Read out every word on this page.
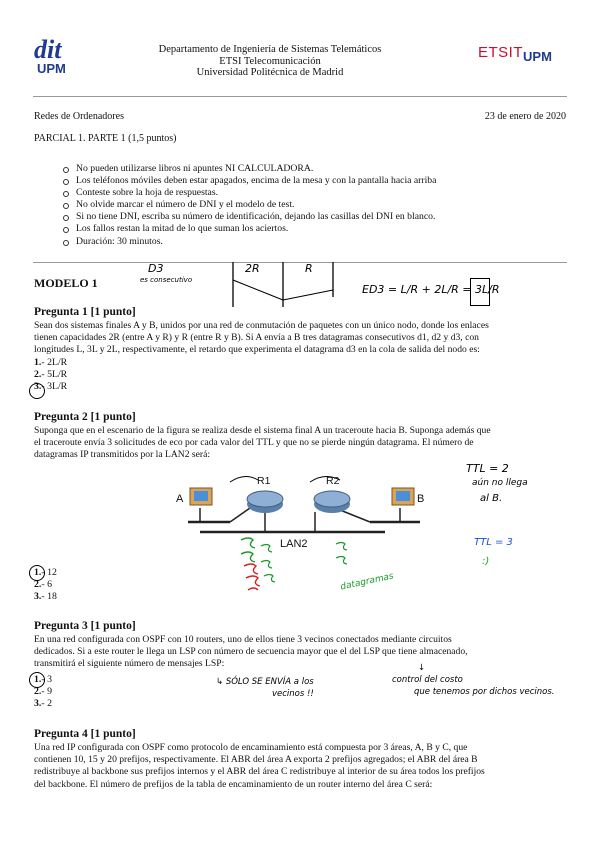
dit
UPM
Departamento de Ingeniería de Sistemas Telemáticos
ETSI Telecomunicación
Universidad Politécnica de Madrid
$ETSIT_{UPM}$
Redes de Ordenadores	23 de enero de 2020
PARCIAL 1. PARTE 1 (1,5 puntos)
No pueden utilizarse libros ni apuntes NI CALCULADORA.
Los teléfonos móviles deben estar apagados, encima de la mesa y con la pantalla hacia arriba
Conteste sobre la hoja de respuestas.
No olvide marcar el número de DNI y el modelo de test.
Si no tiene DNI, escriba su número de identificación, dejando las casillas del DNI en blanco.
Los fallos restan la mitad de lo que suman los aciertos.
Duración: 30 minutos.
MODELO 1
D3
es consecutivo
2R	R
ED3 = L/R + 2L/R = 3L/R
Pregunta 1 [1 punto]
Sean dos sistemas finales A y B, unidos por una red de conmutación de paquetes con un único nodo, donde los enlaces
tienen capacidades 2R (entre A y R) y R (entre R y B). Si A envía a B tres datagramas consecutivos d1, d2 y d3, con
longitudes L, 3L y 2L, respectivamente, el retardo que experimenta el datagrama d3 en la cola de salida del nodo es:
1.- 2L/R
2.- 5L/R
3.- 3L/R
Pregunta 2 [1 punto]
Suponga que en el escenario de la figura se realiza desde el sistema final A un traceroute hacia B. Suponga además que
el traceroute envía 3 solicitudes de eco por cada valor del TTL y que no se pierde ningún datagrama. El número de
datagramas IP transmitidos por la LAN2 será:
A	B
R1	R2
LAN2
datagramas
TTL = 2
aún no llega
al B.
TTL = 3
:)
1.- 12
2.- 6
3.- 18
Pregunta 3 [1 punto]
En una red configurada con OSPF con 10 routers, uno de ellos tiene 3 vecinos conectados mediante circuitos
dedicados. Si a este router le llega un LSP con número de secuencia mayor que el del LSP que tiene almacenado,
transmitirá el siguiente número de mensajes LSP:
1.- 3
2.- 9
3.- 2
↳ SÓLO SE ENVÍA a los
vecinos !!
↓
control del costo
que tenemos por dichos vecinos.
Pregunta 4 [1 punto]
Una red IP configurada con OSPF como protocolo de encaminamiento está compuesta por 3 áreas, A, B y C, que
contienen 10, 15 y 20 prefijos, respectivamente. El ABR del área A exporta 2 prefijos agregados; el ABR del área B
redistribuye al backbone sus prefijos internos y el ABR del área C redistribuye al interior de su área todos los prefijos
del backbone. El número de prefijos de la tabla de encaminamiento de un router interno del área C será:
